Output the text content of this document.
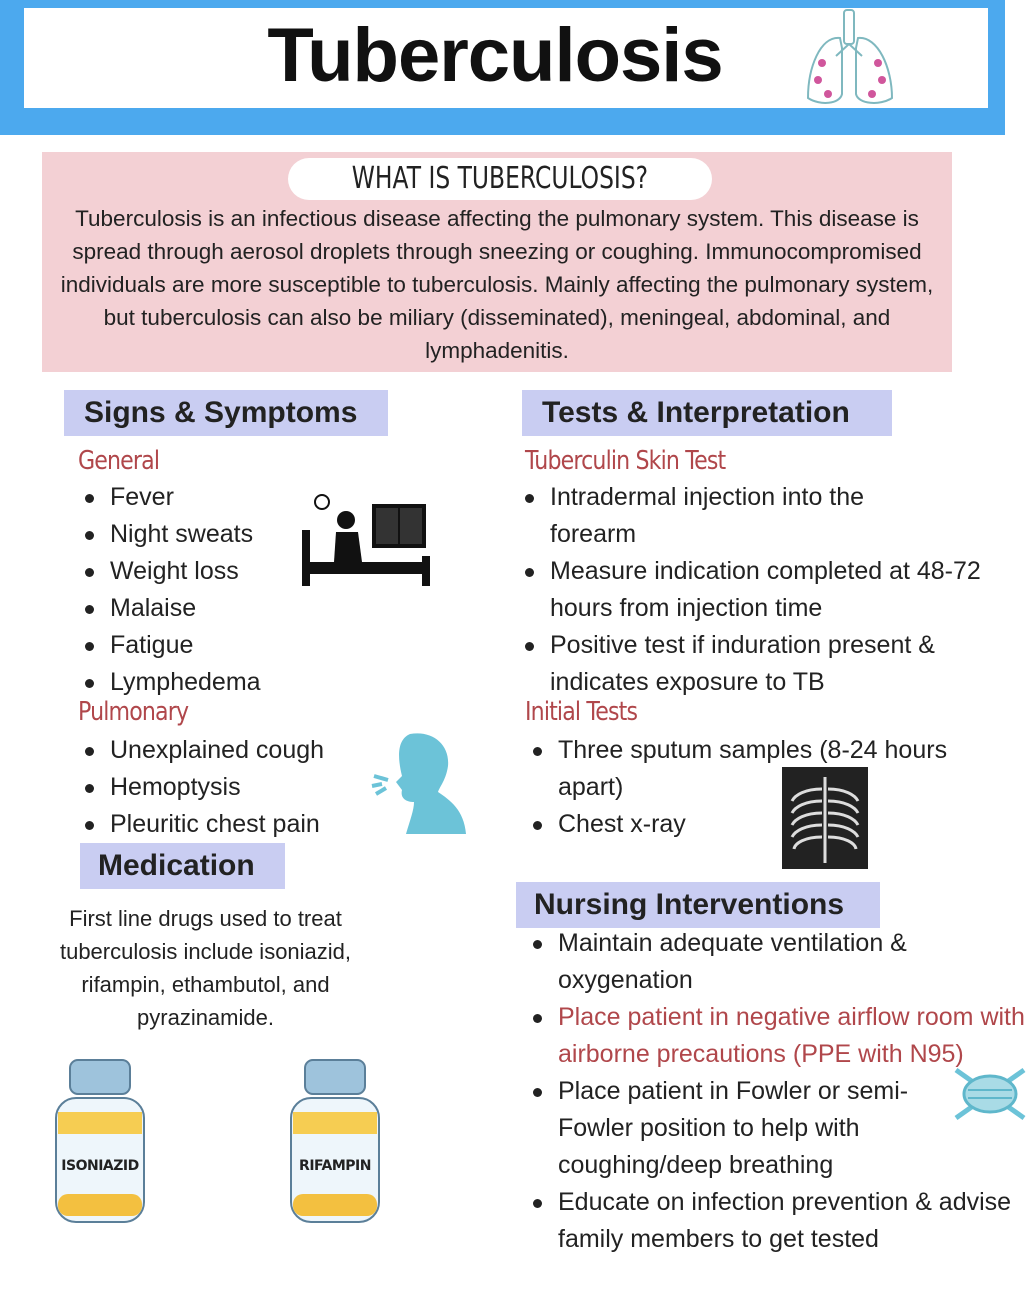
Tuberculosis
WHAT IS TUBERCULOSIS?
Tuberculosis is an infectious disease affecting the pulmonary system. This disease is spread through aerosol droplets through sneezing or coughing. Immunocompromised individuals are more susceptible to tuberculosis. Mainly affecting the pulmonary system, but tuberculosis can also be miliary (disseminated), meningeal, abdominal, and lymphadenitis.
Signs & Symptoms
General
Fever
Night sweats
Weight loss
Malaise
Fatigue
Lymphedema
Pulmonary
Unexplained cough
Hemoptysis
Pleuritic chest pain
Medication
First line drugs used to treat tuberculosis include isoniazid, rifampin, ethambutol, and pyrazinamide.
ISONIAZID	RIFAMPIN
Tests & Interpretation
Tuberculin Skin Test
Intradermal injection into the forearm
Measure indication completed at 48-72 hours from injection time
Positive test if induration present & indicates exposure to TB
Initial Tests
Three sputum samples (8-24 hours apart)
Chest x-ray
Nursing Interventions
Maintain adequate ventilation & oxygenation
Place patient in negative airflow room with airborne precautions (PPE with N95)
Place patient in Fowler or semi-Fowler position to help with coughing/deep breathing
Educate on infection prevention & advise family members to get tested
